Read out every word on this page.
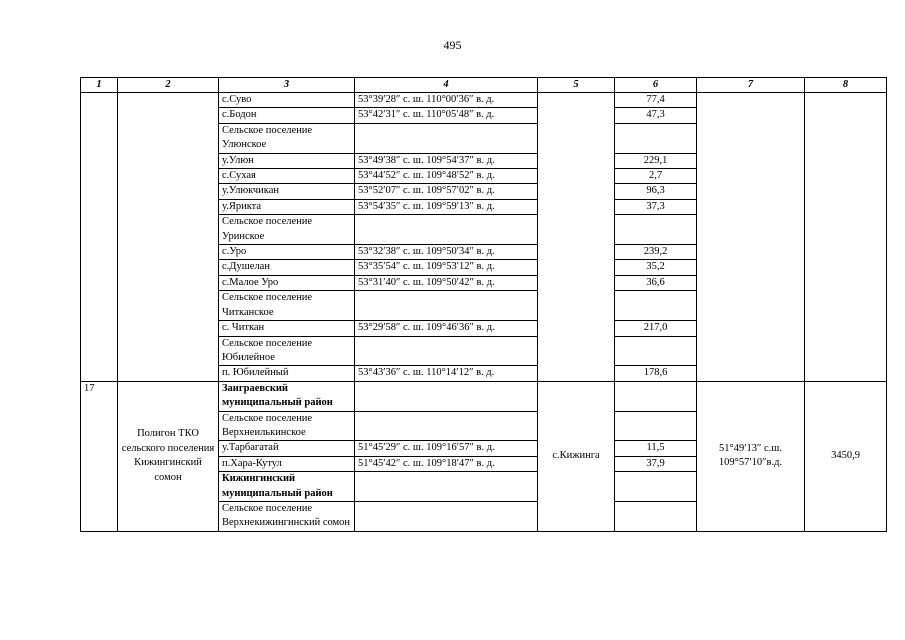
495
1	2	3	4	5	6	7	8
		с.Суво	53°39′28″ с. ш. 110°00′36″ в. д.		77,4		
		с.Бодон	53°42′31″ с. ш. 110°05′48″ в. д.		47,3		
		Сельское поселение Улюнское					
		у.Улюн	53°49′38″ с. ш. 109°54′37″ в. д.		229,1		
		с.Сухая	53°44′52″ с. ш. 109°48′52″ в. д.		2,7		
		у.Улюкчикан	53°52′07″ с. ш. 109°57′02″ в. д.		96,3		
		у.Ярикта	53°54′35″ с. ш. 109°59′13″ в. д.		37,3		
		Сельское поселение Уринское					
		с.Уро	53°32′38″ с. ш. 109°50′34″ в. д.		239,2		
		с.Душелан	53°35′54″ с. ш. 109°53′12″ в. д.		35,2		
		с.Малое Уро	53°31′40″ с. ш. 109°50′42″ в. д.		36,6		
		Сельское поселение Читканское					
		с. Читкан	53°29′58″ с. ш. 109°46′36″ в. д.		217,0		
		Сельское поселение Юбилейное					
		п. Юбилейный	53°43′36″ с. ш. 110°14′12″ в. д.		178,6		
17	Полигон ТКО сельского поселения Кижингинский сомон	Заиграевский муниципальный район		с.Кижинга		51°49′13″ с.ш. 109°57′10″в.д.	3450,9
		Сельское поселение Верхнеилькинское					
		у.Тарбагатай	51°45′29″ с. ш. 109°16′57″ в. д.		11,5		
		п.Хара-Кутул	51°45′42″ с. ш. 109°18′47″ в. д.		37,9		
		Кижингинский муниципальный район					
		Сельское поселение Верхнекижингинский сомон					
